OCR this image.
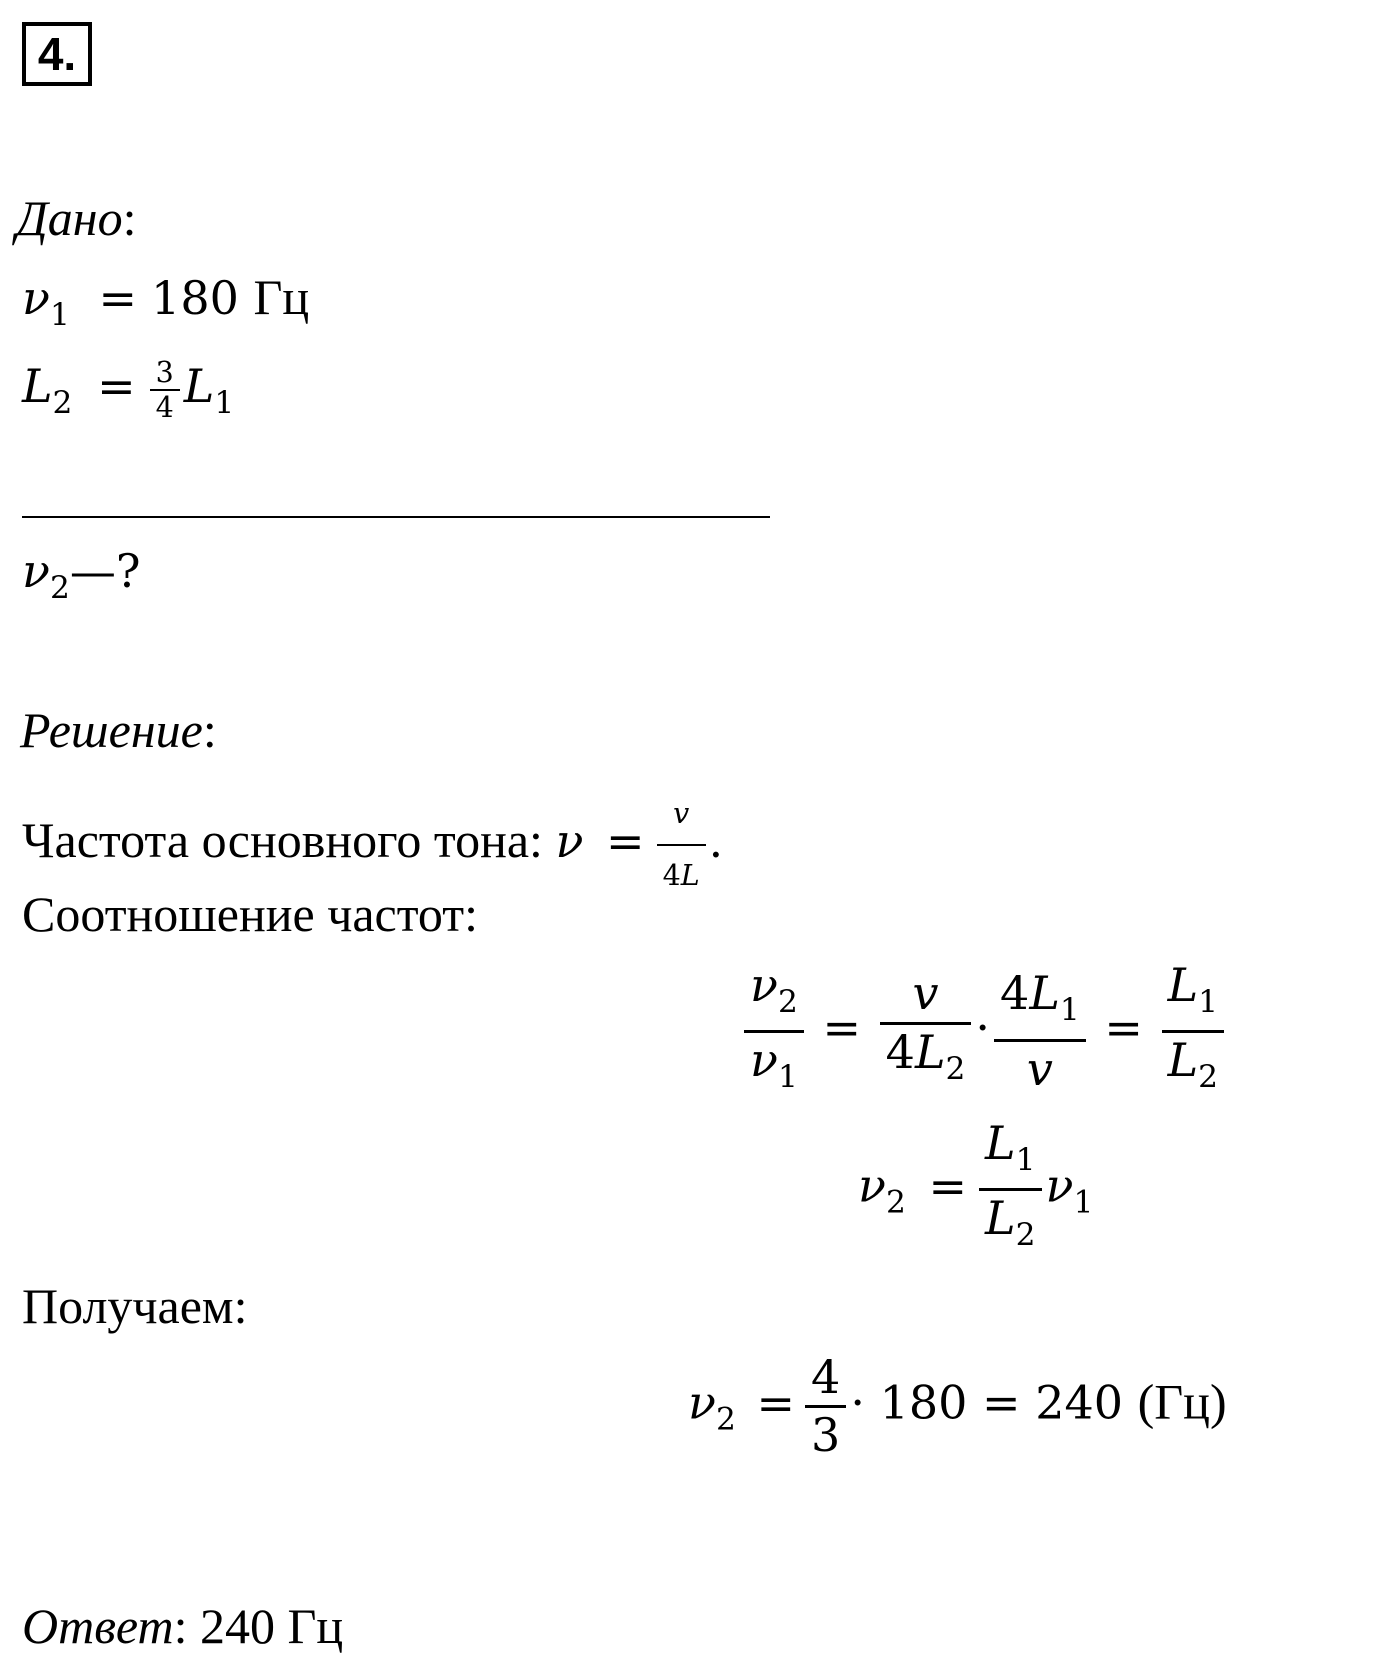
4.
Дано:
$\nu_1 = 180$ Гц
$L_2 = \frac{3}{4} L_1$
$\nu_2—$?
Решение:
Частота основного тона: $\nu = \frac{v}{4L}$ .
Соотношение частот:
$\frac{\nu_2}{\nu_1} = \frac{v}{4L_2} \cdot \frac{4L_1}{v} = \frac{L_1}{L_2}$
$\nu_2 = \frac{L_1}{L_2} \nu_1$
Получаем:
$\nu_2 = \frac{4}{3} \cdot 180 = 240$ (Гц)
Ответ: 240 Гц
